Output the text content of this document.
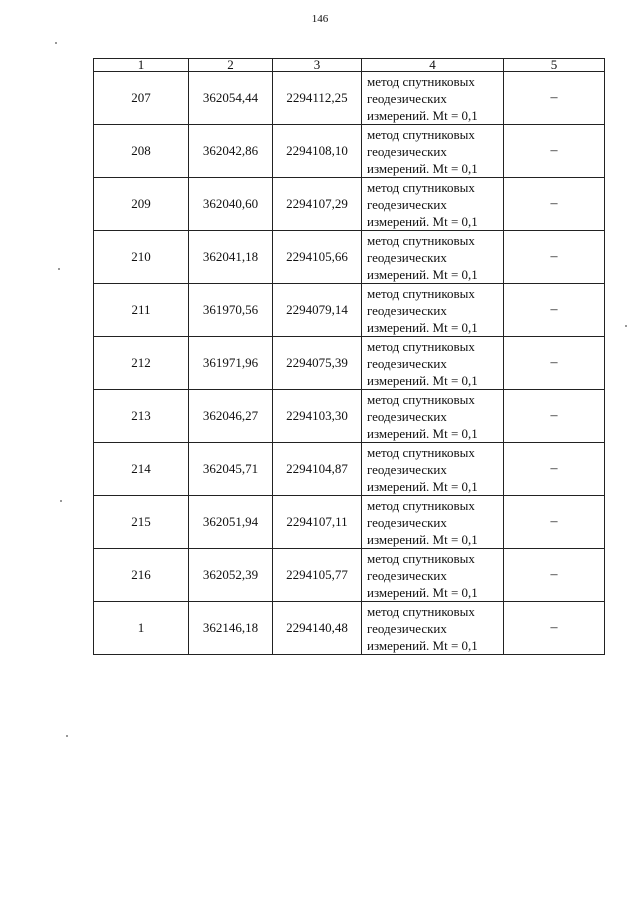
146
1	2	3	4	5
207	362054,44	2294112,25	метод спутниковых
геодезических
измерений. Mt = 0,1	–
208	362042,86	2294108,10	метод спутниковых
геодезических
измерений. Mt = 0,1	–
209	362040,60	2294107,29	метод спутниковых
геодезических
измерений. Mt = 0,1	–
210	362041,18	2294105,66	метод спутниковых
геодезических
измерений. Mt = 0,1	–
211	361970,56	2294079,14	метод спутниковых
геодезических
измерений. Mt = 0,1	–
212	361971,96	2294075,39	метод спутниковых
геодезических
измерений. Mt = 0,1	–
213	362046,27	2294103,30	метод спутниковых
геодезических
измерений. Mt = 0,1	–
214	362045,71	2294104,87	метод спутниковых
геодезических
измерений. Mt = 0,1	–
215	362051,94	2294107,11	метод спутниковых
геодезических
измерений. Mt = 0,1	–
216	362052,39	2294105,77	метод спутниковых
геодезических
измерений. Mt = 0,1	–
1	362146,18	2294140,48	метод спутниковых
геодезических
измерений. Mt = 0,1	–
